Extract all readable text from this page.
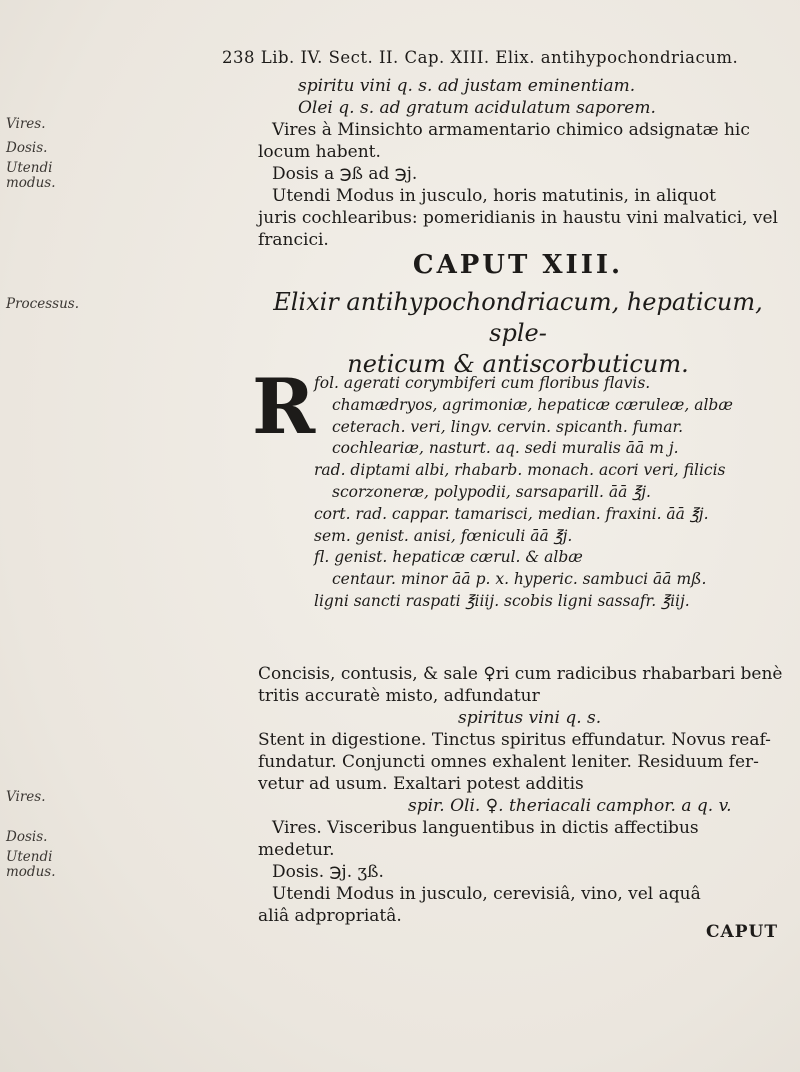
238 Lib. IV. Sect. II. Cap. XIII. Elix. antihypochondriacum.
Vires.
Dosis.
Utendi
modus.
Processus.
Vires.
Dosis.
Utendi
modus.
spiritu vini q. s. ad justam eminentiam.
Olei q. s. ad gratum acidulatum saporem.
Vires à Minsichto armamentario chimico adsignatæ hic
locum habent.
Dosis a ℈ß ad ℈j.
Utendi Modus in jusculo, horis matutinis, in aliquot
juris cochlearibus: pomeridianis in haustu vini malvatici, vel
francici.
CAPUT XIII.
Elixir antihypochondriacum, hepaticum, sple-
neticum & antiscorbuticum.
R
fol. agerati corymbiferi cum floribus flavis.
chamædryos, agrimoniæ, hepaticæ cæruleæ, albæ
ceterach. veri, lingv. cervin. spicanth. fumar.
cochleariæ, nasturt. aq. sedi muralis āā m j.
rad. diptami albi, rhabarb. monach. acori veri, filicis
scorzoneræ, polypodii, sarsaparill. āā ℥j.
cort. rad. cappar. tamarisci, median. fraxini. āā ℥j.
sem. genist. anisi, fœniculi āā ℥j.
fl. genist. hepaticæ cærul. & albæ
centaur. minor āā p. x. hyperic. sambuci āā mß.
ligni sancti raspati ℥iiij. scobis ligni sassafr. ℥iij.
Concisis, contusis, & sale ♀ri cum radicibus rhabarbari benè
tritis accuratè misto, adfundatur
spiritus vini q. s.
Stent in digestione. Tinctus spiritus effundatur. Novus reaf-
fundatur. Conjuncti omnes exhalent leniter. Residuum fer-
vetur ad usum. Exaltari potest additis
spir. Oli. ♀. theriacali camphor. a q. v.
Vires. Visceribus languentibus in dictis affectibus
medetur.
Dosis. ℈j. ʒß.
Utendi Modus in jusculo, cerevisiâ, vino, vel aquâ
aliâ adpropriatâ.
CAPUT
